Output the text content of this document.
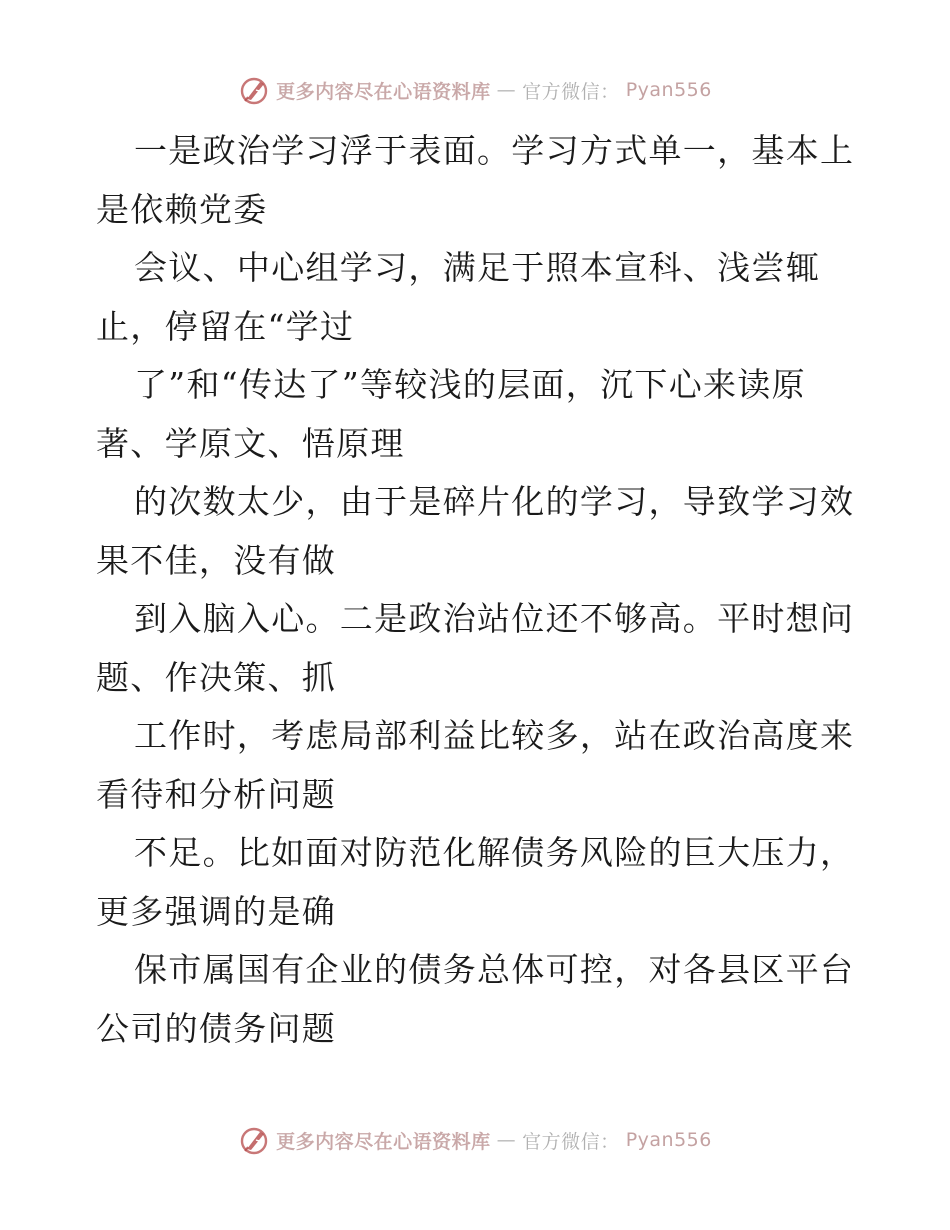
更多内容尽在心语资料库 — 官方微信： Pyan556

一是政治学习浮于表面。学习方式单一，基本上
是依赖党委

会议、中心组学习，满足于照本宣科、浅尝辄
止，停留在“学过

了”和“传达了”等较浅的层面，沉下心来读原
著、学原文、悟原理

的次数太少，由于是碎片化的学习，导致学习效
果不佳，没有做

到入脑入心。二是政治站位还不够高。平时想问
题、作决策、抓

工作时，考虑局部利益比较多，站在政治高度来
看待和分析问题

不足。比如面对防范化解债务风险的巨大压力，
更多强调的是确

保市属国有企业的债务总体可控，对各县区平台
公司的债务问题

更多内容尽在心语资料库 — 官方微信： Pyan556
